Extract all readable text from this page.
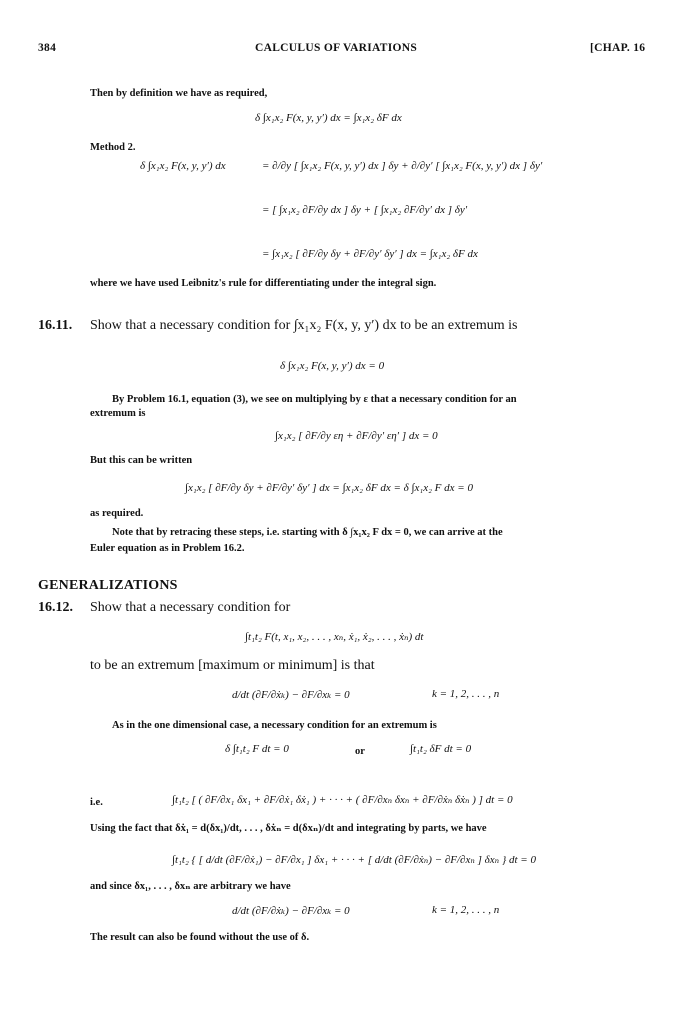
384	CALCULUS OF VARIATIONS	[CHAP. 16
Then by definition we have as required,
δ ∫x₁x₂ F(x, y, y′) dx = ∫x₁x₂ δF dx
Method 2.
δ ∫x₁x₂ F(x, y, y′) dx	= ∂/∂y [ ∫x₁x₂ F(x, y, y′) dx ] δy + ∂/∂y′ [ ∫x₁x₂ F(x, y, y′) dx ] δy′
= [ ∫x₁x₂ ∂F/∂y dx ] δy + [ ∫x₁x₂ ∂F/∂y′ dx ] δy′
= ∫x₁x₂ [ ∂F/∂y δy + ∂F/∂y′ δy′ ] dx = ∫x₁x₂ δF dx
where we have used Leibnitz's rule for differentiating under the integral sign.
16.11. Show that a necessary condition for ∫x₁x₂ F(x, y, y′) dx to be an extremum is
δ ∫x₁x₂ F(x, y, y′) dx = 0
By Problem 16.1, equation (3), we see on multiplying by ε that a necessary condition for an
extremum is
∫x₁x₂ [ ∂F/∂y εη + ∂F/∂y′ εη′ ] dx = 0
But this can be written
∫x₁x₂ [ ∂F/∂y δy + ∂F/∂y′ δy′ ] dx = ∫x₁x₂ δF dx = δ ∫x₁x₂ F dx = 0
as required.
Note that by retracing these steps, i.e. starting with δ ∫x₁x₂ F dx = 0, we can arrive at the
Euler equation as in Problem 16.2.
GENERALIZATIONS
16.12. Show that a necessary condition for
∫t₁t₂ F(t, x₁, x₂, . . . , xₙ, ẋ₁, ẋ₂, . . . , ẋₙ) dt
to be an extremum [maximum or minimum] is that
d/dt (∂F/∂ẋₖ) − ∂F/∂xₖ = 0	k = 1, 2, . . . , n
As in the one dimensional case, a necessary condition for an extremum is
δ ∫t₁t₂ F dt = 0	or	∫t₁t₂ δF dt = 0
i.e.	∫t₁t₂ [ ( ∂F/∂x₁ δx₁ + ∂F/∂ẋ₁ δẋ₁ ) + · · · + ( ∂F/∂xₙ δxₙ + ∂F/∂ẋₙ δẋₙ ) ] dt = 0
Using the fact that δẋ₁ = d(δx₁)/dt, . . . , δẋₙ = d(δxₙ)/dt and integrating by parts, we have
∫t₁t₂ { [ d/dt (∂F/∂ẋ₁) − ∂F/∂x₁ ] δx₁ + · · · + [ d/dt (∂F/∂ẋₙ) − ∂F/∂xₙ ] δxₙ } dt = 0
and since δx₁, . . . , δxₙ are arbitrary we have
d/dt (∂F/∂ẋₖ) − ∂F/∂xₖ = 0	k = 1, 2, . . . , n
The result can also be found without the use of δ.
